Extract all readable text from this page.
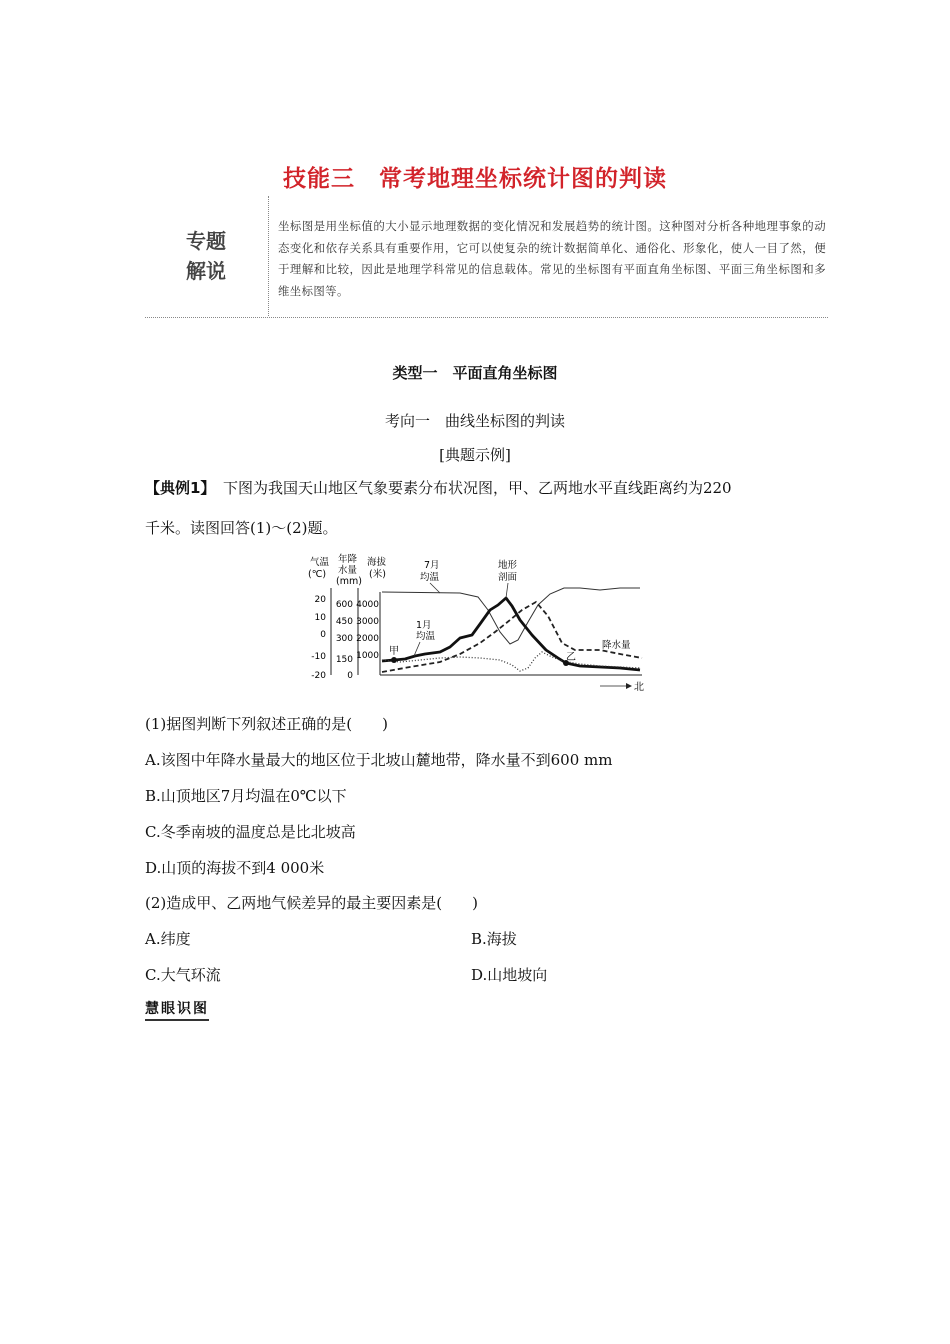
技能三　常考地理坐标统计图的判读
专题
解说
坐标图是用坐标值的大小显示地理数据的变化情况和发展趋势的统计图。这种图对分析各种地理事象的动态变化和依存关系具有重要作用，它可以使复杂的统计数据简单化、通俗化、形象化，使人一目了然，便于理解和比较，因此是地理学科常见的信息载体。常见的坐标图有平面直角坐标图、平面三角坐标图和多维坐标图等。
类型一　平面直角坐标图
考向一　曲线坐标图的判读
[典题示例]
【典例1】　下图为我国天山地区气象要素分布状况图，甲、乙两地水平直线距离约为220
千米。读图回答(1)～(2)题。
气温
(℃)
年降
水量
(mm)
海拔
(米)
20
10
0
-10
-20
600
450
300
150
0
4000
3000
2000
1000
7月
均温
地形
剖面
1月
均温
降水量
甲
乙
北
(1)据图判断下列叙述正确的是(　　)
A.该图中年降水量最大的地区位于北坡山麓地带，降水量不到600 mm
B.山顶地区7月均温在0℃以下
C.冬季南坡的温度总是比北坡高
D.山顶的海拔不到4 000米
(2)造成甲、乙两地气候差异的最主要因素是(　　)
A.纬度	B.海拔
C.大气环流	D.山地坡向
慧眼识图
